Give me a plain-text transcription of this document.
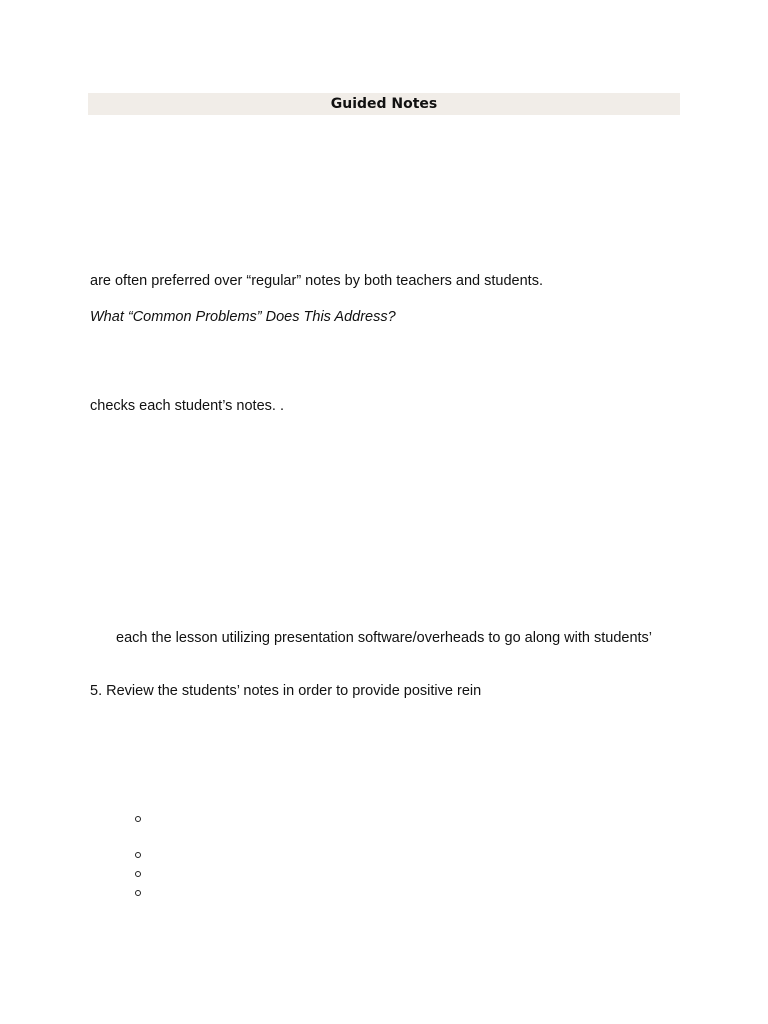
Guided Notes
are often preferred over “regular” notes by both teachers and students.
What “Common Problems” Does This Address?
checks each student’s notes. .
each the lesson utilizing presentation software/overheads to go along with students’
5. Review the students’ notes in order to provide positive rein
